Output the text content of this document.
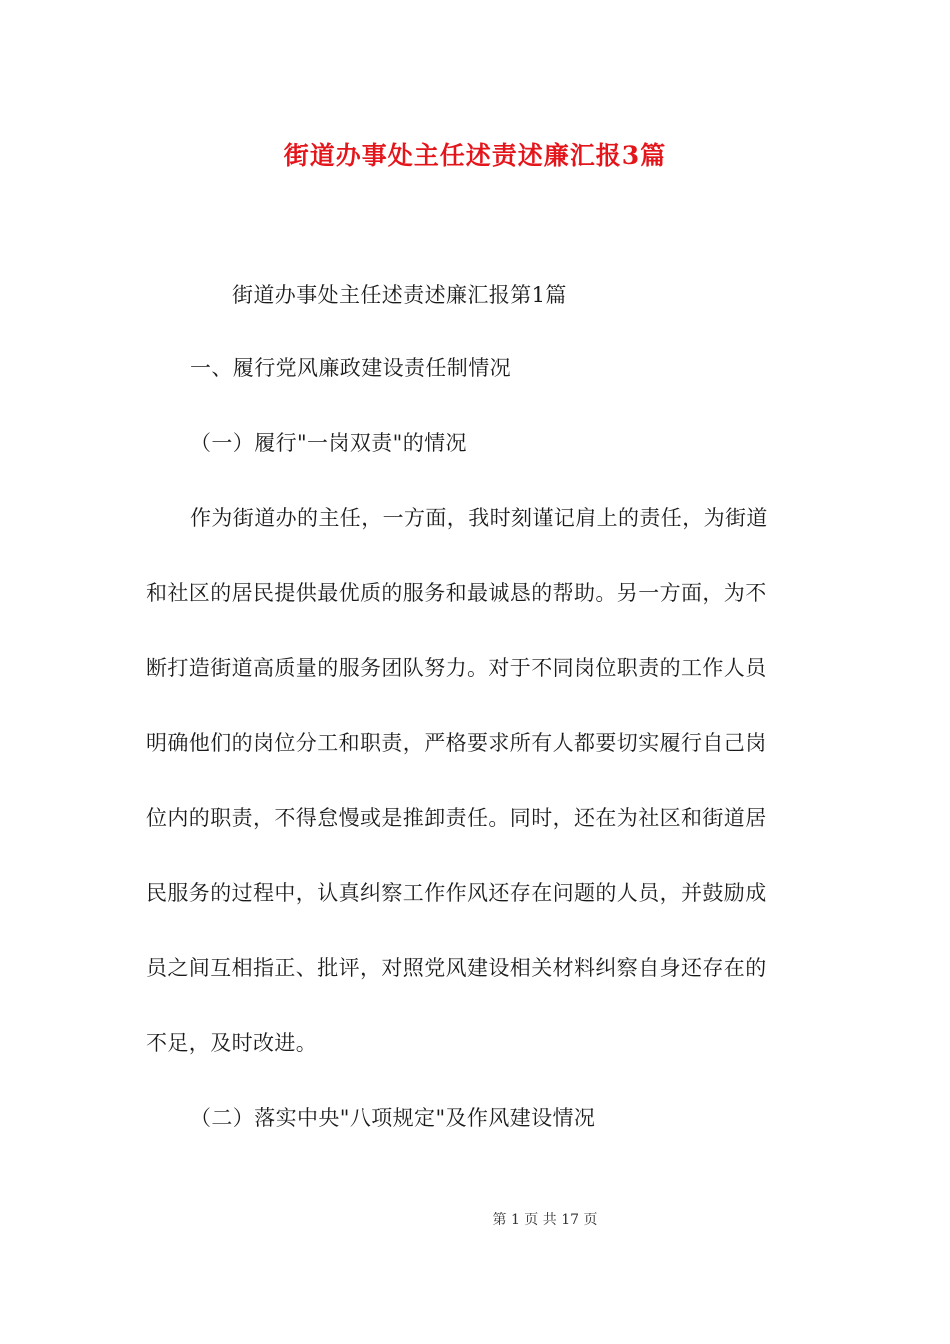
街道办事处主任述责述廉汇报3篇
街道办事处主任述责述廉汇报第1篇
一、履行党风廉政建设责任制情况
（一）履行"一岗双责"的情况
作为街道办的主任，一方面，我时刻谨记肩上的责任，为街道
和社区的居民提供最优质的服务和最诚恳的帮助。另一方面，为不
断打造街道高质量的服务团队努力。对于不同岗位职责的工作人员
明确他们的岗位分工和职责，严格要求所有人都要切实履行自己岗
位内的职责，不得怠慢或是推卸责任。同时，还在为社区和街道居
民服务的过程中，认真纠察工作作风还存在问题的人员，并鼓励成
员之间互相指正、批评，对照党风建设相关材料纠察自身还存在的
不足，及时改进。
（二）落实中央"八项规定"及作风建设情况
第 1 页 共 17 页
